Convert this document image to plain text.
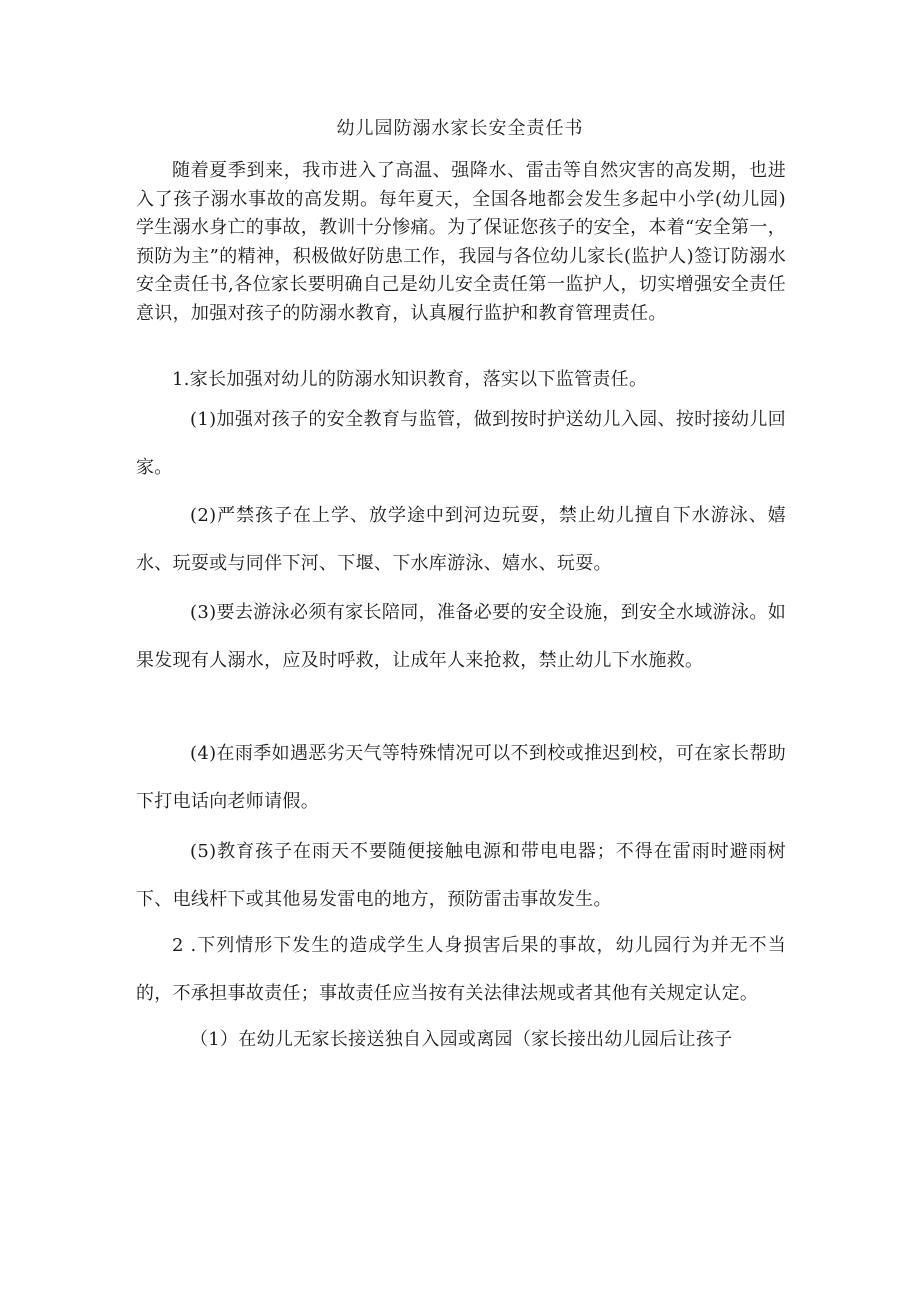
幼儿园防溺水家长安全责任书

随着夏季到来，我市进入了高温、强降水、雷击等自然灾害的高发期，也进入了孩子溺水事故的高发期。每年夏天，全国各地都会发生多起中小学(幼儿园)学生溺水身亡的事故，教训十分惨痛。为了保证您孩子的安全，本着“安全第一，预防为主”的精神，积极做好防患工作，我园与各位幼儿家长(监护人)签订防溺水安全责任书,各位家长要明确自己是幼儿安全责任第一监护人，切实增强安全责任意识，加强对孩子的防溺水教育，认真履行监护和教育管理责任。

1.家长加强对幼儿的防溺水知识教育，落实以下监管责任。

(1)加强对孩子的安全教育与监管，做到按时护送幼儿入园、按时接幼儿回家。

(2)严禁孩子在上学、放学途中到河边玩耍，禁止幼儿擅自下水游泳、嬉水、玩耍或与同伴下河、下堰、下水库游泳、嬉水、玩耍。

(3)要去游泳必须有家长陪同，准备必要的安全设施，到安全水域游泳。如果发现有人溺水，应及时呼救，让成年人来抢救，禁止幼儿下水施救。

(4)在雨季如遇恶劣天气等特殊情况可以不到校或推迟到校，可在家长帮助下打电话向老师请假。

(5)教育孩子在雨天不要随便接触电源和带电电器；不得在雷雨时避雨树下、电线杆下或其他易发雷电的地方，预防雷击事故发生。

2 .下列情形下发生的造成学生人身损害后果的事故，幼儿园行为并无不当的，不承担事故责任；事故责任应当按有关法律法规或者其他有关规定认定。

（1）在幼儿无家长接送独自入园或离园（家长接出幼儿园后让孩子
